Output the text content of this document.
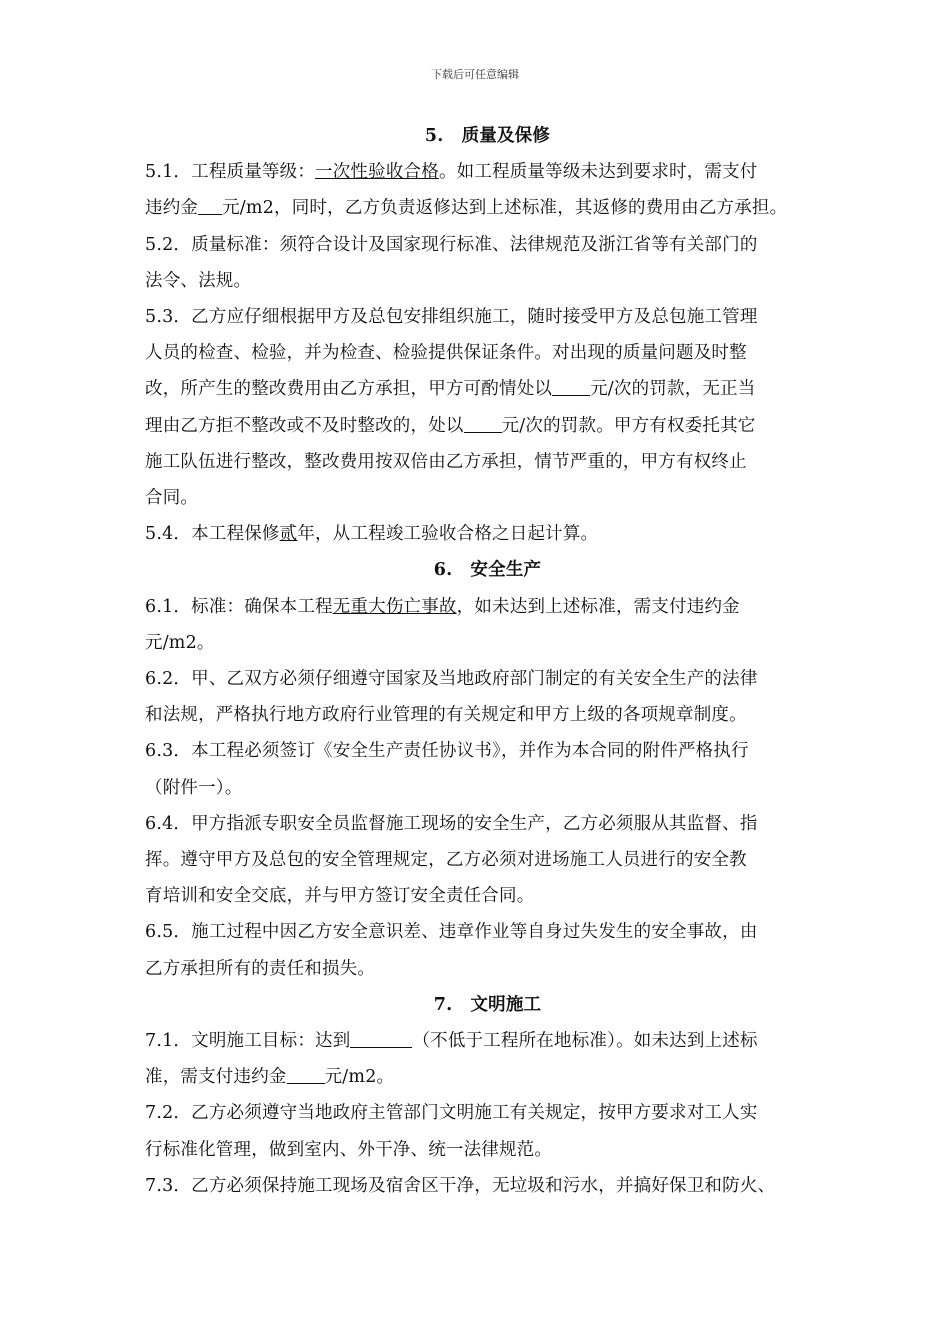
下载后可任意编辑
5. 质量及保修

5.1．工程质量等级：一次性验收合格。如工程质量等级未达到要求时，需支付

违约金 元/m2，同时，乙方负责返修达到上述标准，其返修的费用由乙方承担。

5.2．质量标准：须符合设计及国家现行标准、法律规范及浙江省等有关部门的

法令、法规。

5.3．乙方应仔细根据甲方及总包安排组织施工，随时接受甲方及总包施工管理

人员的检查、检验，并为检查、检验提供保证条件。对出现的质量问题及时整

改，所产生的整改费用由乙方承担，甲方可酌情处以 元/次的罚款，无正当

理由乙方拒不整改或不及时整改的，处以 元/次的罚款。甲方有权委托其它

施工队伍进行整改，整改费用按双倍由乙方承担，情节严重的，甲方有权终止

合同。

5.4．本工程保修贰年，从工程竣工验收合格之日起计算。

6. 安全生产

6.1．标准：确保本工程无重大伤亡事故，如未达到上述标准，需支付违约金

元/m2。

6.2．甲、乙双方必须仔细遵守国家及当地政府部门制定的有关安全生产的法律

和法规，严格执行地方政府行业管理的有关规定和甲方上级的各项规章制度。

6.3．本工程必须签订《安全生产责任协议书》，并作为本合同的附件严格执行

（附件一）。

6.4．甲方指派专职安全员监督施工现场的安全生产，乙方必须服从其监督、指

挥。遵守甲方及总包的安全管理规定，乙方必须对进场施工人员进行的安全教

育培训和安全交底，并与甲方签订安全责任合同。

6.5．施工过程中因乙方安全意识差、违章作业等自身过失发生的安全事故，由

乙方承担所有的责任和损失。

7. 文明施工

7.1．文明施工目标：达到	（不低于工程所在地标准）。如未达到上述标

准，需支付违约金 元/m2。

7.2．乙方必须遵守当地政府主管部门文明施工有关规定，按甲方要求对工人实

行标准化管理，做到室内、外干净、统一法律规范。

7.3．乙方必须保持施工现场及宿舍区干净，无垃圾和污水，并搞好保卫和防火、
